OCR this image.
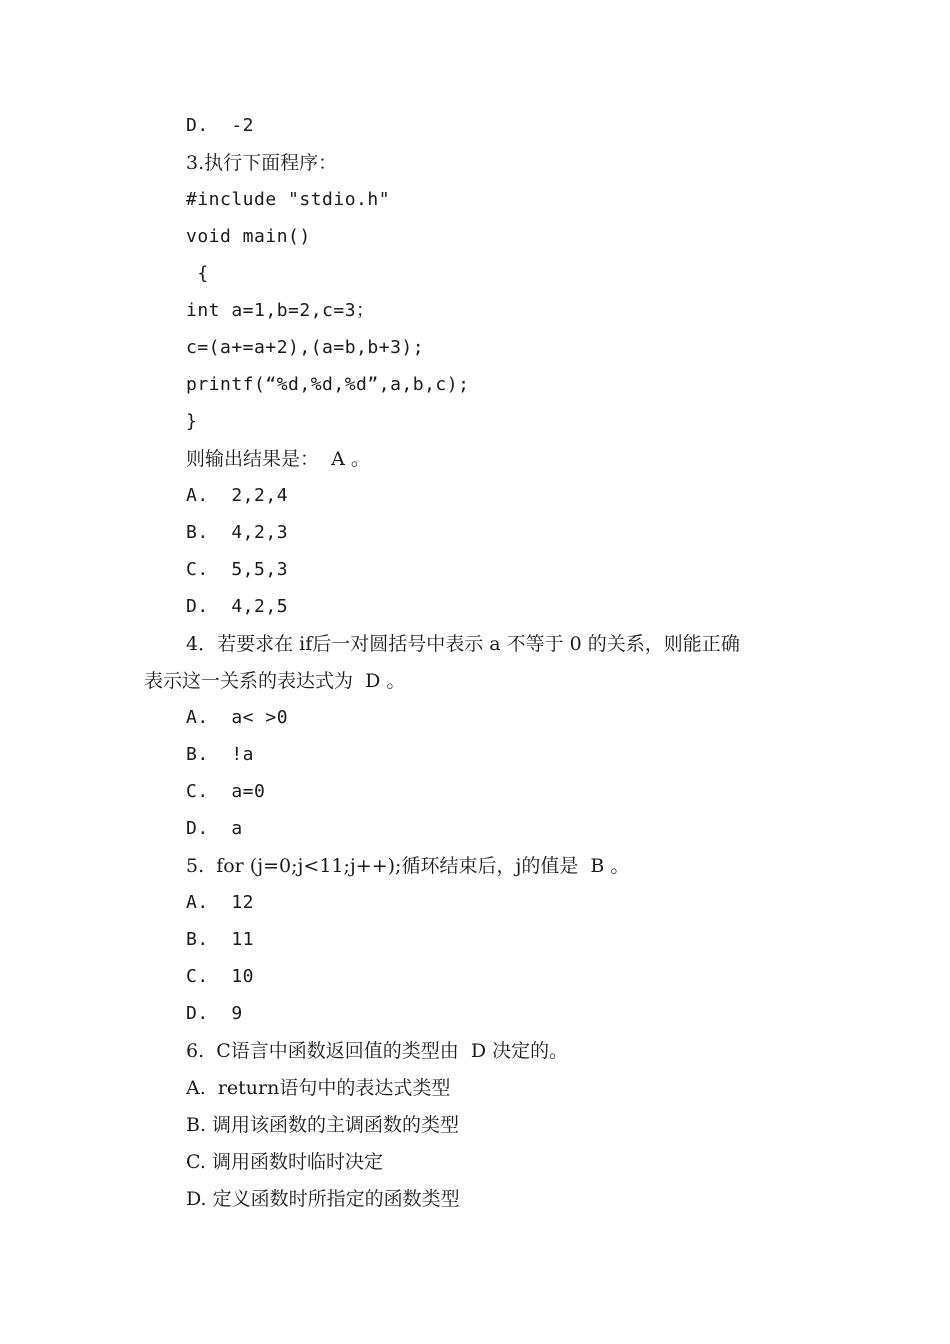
D.  -2
3.执行下面程序：
#include "stdio.h"
void main()
{
int a=1,b=2,c=3；
c=(a+=a+2),(a=b,b+3);
printf(“%d,%d,%d”,a,b,c);
}
则输出结果是：  A 。
A.  2,2,4
B.  4,2,3
C.  5,5,3
D.  4,2,5
4．若要求在 if后一对圆括号中表示 a 不等于 0 的关系，则能正确
表示这一关系的表达式为  D 。
A.  a< >0
B.  !a
C.  a=0
D.  a
5.  for (j=0;j<11;j++);循环结束后，j的值是  B 。
A.  12
B.  11
C.  10
D.  9
6.  C语言中函数返回值的类型由  D 决定的。
A.  return语句中的表达式类型
B. 调用该函数的主调函数的类型
C. 调用函数时临时决定
D. 定义函数时所指定的函数类型
